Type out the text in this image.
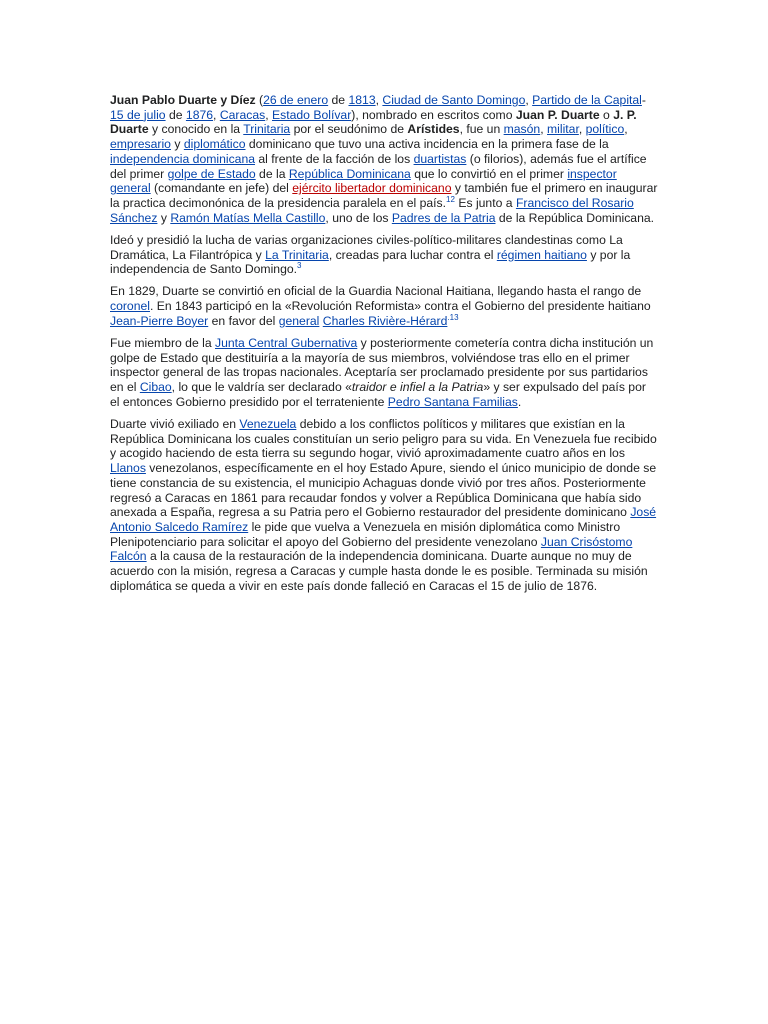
Juan Pablo Duarte y Díez (26 de enero de 1813, Ciudad de Santo Domingo, Partido de la Capital-15 de julio de 1876, Caracas, Estado Bolívar), nombrado en escritos como Juan P. Duarte o J. P. Duarte y conocido en la Trinitaria por el seudónimo de Arístides, fue un masón, militar, político, empresario y diplomático dominicano que tuvo una activa incidencia en la primera fase de la independencia dominicana al frente de la facción de los duartistas (o filorios), además fue el artífice del primer golpe de Estado de la República Dominicana que lo convirtió en el primer inspector general (comandante en jefe) del ejército libertador dominicano y también fue el primero en inaugurar la practica decimonónica de la presidencia paralela en el país.$^{12}$ Es junto a Francisco del Rosario Sánchez y Ramón Matías Mella Castillo, uno de los Padres de la Patria de la República Dominicana.

Ideó y presidió la lucha de varias organizaciones civiles-político-militares clandestinas como La Dramática, La Filantrópica y La Trinitaria, creadas para luchar contra el régimen haitiano y por la independencia de Santo Domingo.$^3$

En 1829, Duarte se convirtió en oficial de la Guardia Nacional Haitiana, llegando hasta el rango de coronel. En 1843 participó en la «Revolución Reformista» contra el Gobierno del presidente haitiano Jean-Pierre Boyer en favor del general Charles Rivière-Hérard$^{.13}$

Fue miembro de la Junta Central Gubernativa y posteriormente cometería contra dicha institución un golpe de Estado que destituiría a la mayoría de sus miembros, volviéndose tras ello en el primer inspector general de las tropas nacionales. Aceptaría ser proclamado presidente por sus partidarios en el Cibao, lo que le valdría ser declarado «traidor e infiel a la Patria» y ser expulsado del país por el entonces Gobierno presidido por el terrateniente Pedro Santana Familias.

Duarte vivió exiliado en Venezuela debido a los conflictos políticos y militares que existían en la República Dominicana los cuales constituían un serio peligro para su vida. En Venezuela fue recibido y acogido haciendo de esta tierra su segundo hogar, vivió aproximadamente cuatro años en los Llanos venezolanos, específicamente en el hoy Estado Apure, siendo el único municipio de donde se tiene constancia de su existencia, el municipio Achaguas donde vivió por tres años. Posteriormente regresó a Caracas en 1861 para recaudar fondos y volver a República Dominicana que había sido anexada a España, regresa a su Patria pero el Gobierno restaurador del presidente dominicano José Antonio Salcedo Ramírez le pide que vuelva a Venezuela en misión diplomática como Ministro Plenipotenciario para solicitar el apoyo del Gobierno del presidente venezolano Juan Crisóstomo Falcón a la causa de la restauración de la independencia dominicana. Duarte aunque no muy de acuerdo con la misión, regresa a Caracas y cumple hasta donde le es posible. Terminada su misión diplomática se queda a vivir en este país donde falleció en Caracas el 15 de julio de 1876.
